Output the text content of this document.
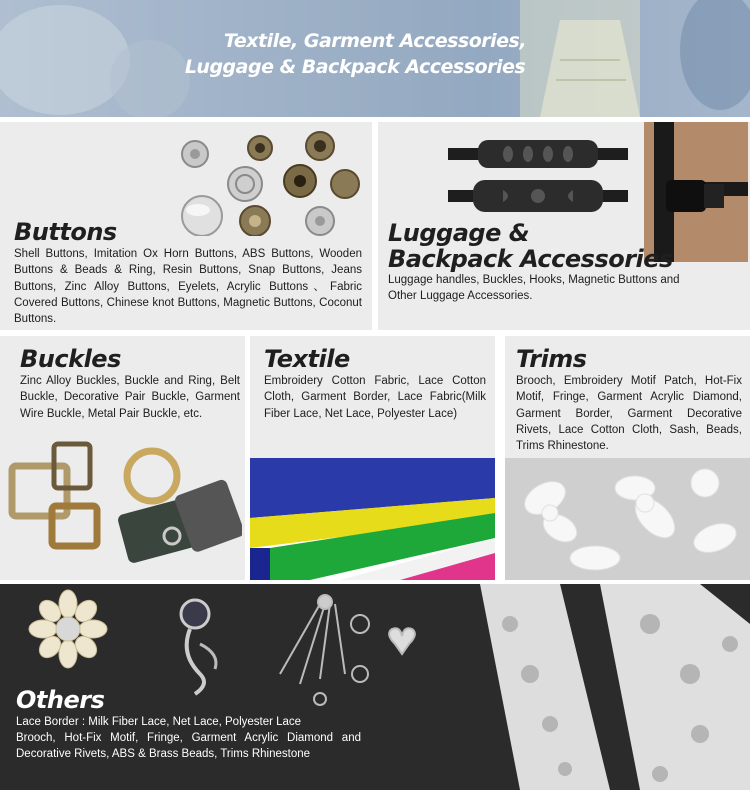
Textile, Garment Accessories,
Luggage & Backpack Accessories
Buttons
Shell Buttons, Imitation Ox Horn Buttons, ABS Buttons, Wooden Buttons & Beads & Ring, Resin Buttons, Snap Buttons, Jeans Buttons, Zinc Alloy Buttons, Eyelets, Acrylic Buttons、Fabric Covered Buttons, Chinese knot Buttons, Magnetic Buttons, Coconut Buttons.
Luggage &
Backpack Accessories
Luggage handles, Buckles, Hooks, Magnetic Buttons and Other Luggage Accessories.
Buckles
Zinc Alloy Buckles, Buckle and Ring, Belt Buckle, Decorative Pair Buckle, Garment Wire Buckle, Metal Pair Buckle, etc.
Textile
Embroidery Cotton Fabric, Lace Cotton Cloth, Garment Border, Lace Fabric(Milk Fiber Lace, Net Lace, Polyester Lace)
Trims
Brooch, Embroidery Motif Patch, Hot-Fix Motif, Fringe, Garment Acrylic Diamond, Garment Border, Garment Decorative Rivets, Lace Cotton Cloth, Sash, Beads, Trims Rhinestone.
Others
Lace Border : Milk Fiber Lace, Net Lace, Polyester Lace
Brooch, Hot-Fix Motif, Fringe, Garment Acrylic Diamond and Decorative Rivets, ABS & Brass Beads, Trims Rhinestone
